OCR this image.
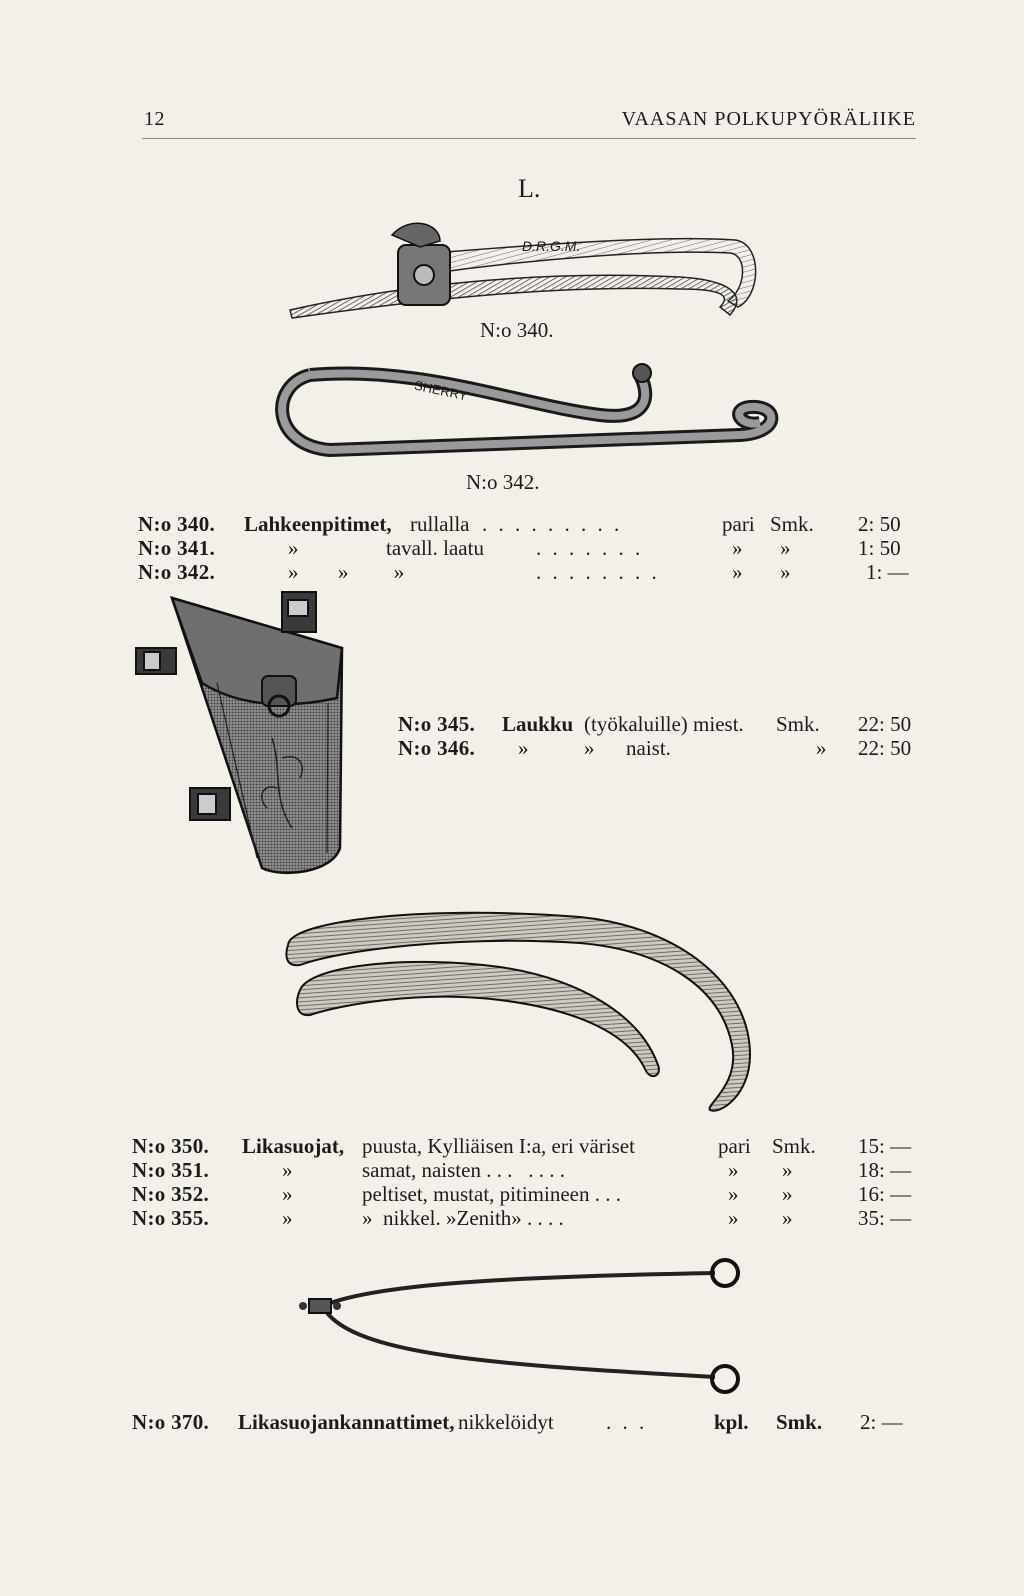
12	VAASAN POLKUPYÖRÄLIIKE
L.
D.R.G.M.
N:o 340.
SHERRY
N:o 342.
N:o 340. Lahkeenpitimet, rullalla . . . . . . . . .	pari Smk. 2: 50
N:o 341.	»	tavall. laatu . . . . . . .	» »	1: 50
N:o 342.	» » »	. . . . . . . .	» »	1: —
N:o 345. Laukku (työkaluille) miest. Smk. 22: 50
N:o 346. »	»      naist.	» 22: 50
N:o 350. Likasuojat, puusta, Kylliäisen I:a, eri väriset	pari Smk. 15: —
N:o 351.	»	samat, naisten . . .   . . . .	» »	18: —
N:o 352.	»	peltiset, mustat, pitimineen . . .	» »	16: —
N:o 355.	»	»  nikkel. »Zenith» . . . .	» »	35: —
N:o 370. Likasuojankannattimet, nikkelöidyt . . .	kpl. Smk. 2: —
